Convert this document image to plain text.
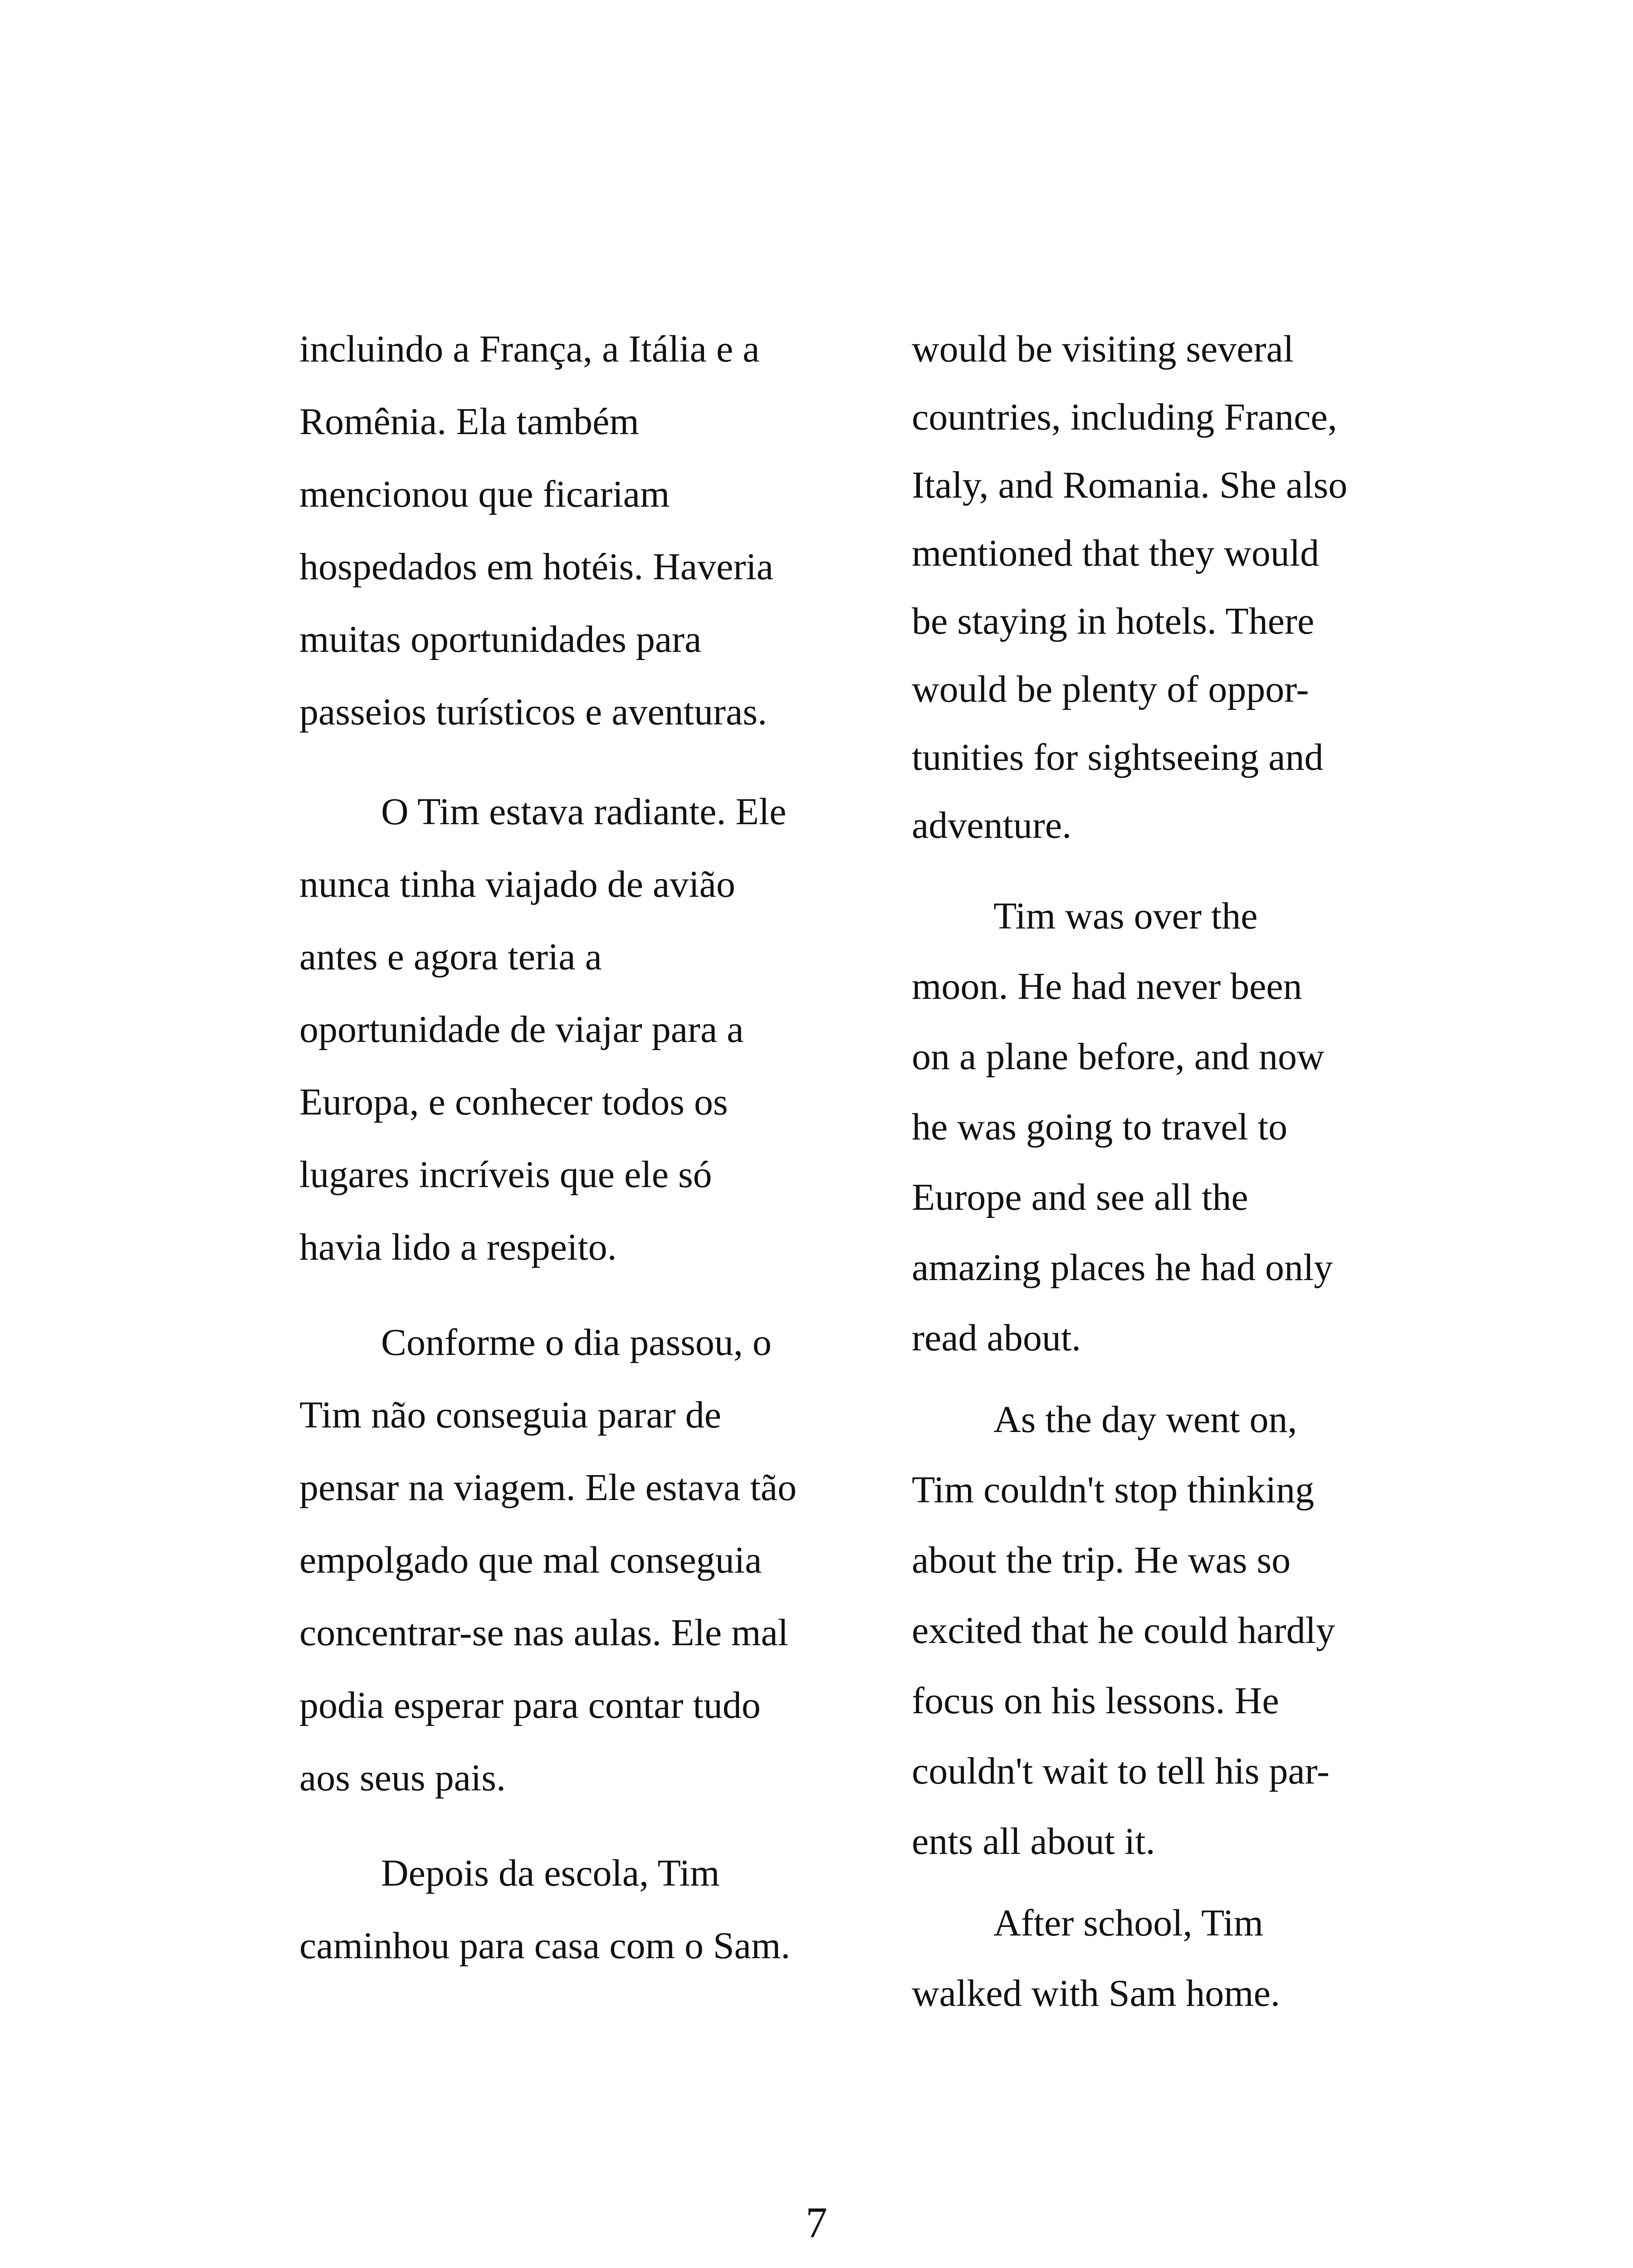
incluindo a França, a Itália e a
Romênia. Ela também
mencionou que ficariam
hospedados em hotéis. Haveria
muitas oportunidades para
passeios turísticos e aventuras.
O Tim estava radiante. Ele
nunca tinha viajado de avião
antes e agora teria a
oportunidade de viajar para a
Europa, e conhecer todos os
lugares incríveis que ele só
havia lido a respeito.
Conforme o dia passou, o
Tim não conseguia parar de
pensar na viagem. Ele estava tão
empolgado que mal conseguia
concentrar-se nas aulas. Ele mal
podia esperar para contar tudo
aos seus pais.
Depois da escola, Tim
caminhou para casa com o Sam.
would be visiting several
countries, including France,
Italy, and Romania. She also
mentioned that they would
be staying in hotels. There
would be plenty of oppor-
tunities for sightseeing and
adventure.
Tim was over the
moon. He had never been
on a plane before, and now
he was going to travel to
Europe and see all the
amazing places he had only
read about.
As the day went on,
Tim couldn't stop thinking
about the trip. He was so
excited that he could hardly
focus on his lessons. He
couldn't wait to tell his par-
ents all about it.
After school, Tim
walked with Sam home.
7
